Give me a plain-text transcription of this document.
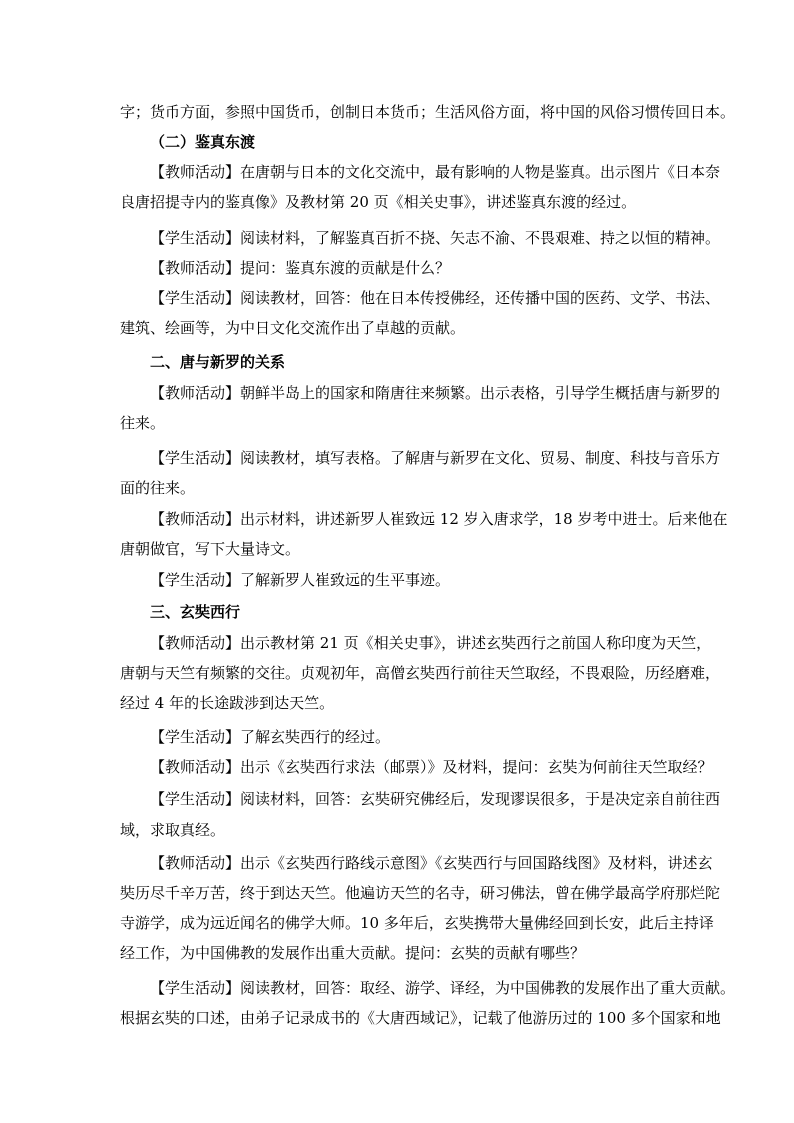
字；货币方面，参照中国货币，创制日本货币；生活风俗方面，将中国的风俗习惯传回日本。
（二）鉴真东渡
【教师活动】在唐朝与日本的文化交流中，最有影响的人物是鉴真。出示图片《日本奈
良唐招提寺内的鉴真像》及教材第 20 页《相关史事》，讲述鉴真东渡的经过。
【学生活动】阅读材料，了解鉴真百折不挠、矢志不渝、不畏艰难、持之以恒的精神。
【教师活动】提问：鉴真东渡的贡献是什么？
【学生活动】阅读教材，回答：他在日本传授佛经，还传播中国的医药、文学、书法、
建筑、绘画等，为中日文化交流作出了卓越的贡献。
二、唐与新罗的关系
【教师活动】朝鲜半岛上的国家和隋唐往来频繁。出示表格，引导学生概括唐与新罗的
往来。
【学生活动】阅读教材，填写表格。了解唐与新罗在文化、贸易、制度、科技与音乐方
面的往来。
【教师活动】出示材料，讲述新罗人崔致远 12 岁入唐求学，18 岁考中进士。后来他在
唐朝做官，写下大量诗文。
【学生活动】了解新罗人崔致远的生平事迹。
三、玄奘西行
【教师活动】出示教材第 21 页《相关史事》，讲述玄奘西行之前国人称印度为天竺，
唐朝与天竺有频繁的交往。贞观初年，高僧玄奘西行前往天竺取经，不畏艰险，历经磨难，
经过 4 年的长途跋涉到达天竺。
【学生活动】了解玄奘西行的经过。
【教师活动】出示《玄奘西行求法（邮票）》及材料，提问：玄奘为何前往天竺取经？
【学生活动】阅读材料，回答：玄奘研究佛经后，发现谬误很多，于是决定亲自前往西
域，求取真经。
【教师活动】出示《玄奘西行路线示意图》《玄奘西行与回国路线图》及材料，讲述玄
奘历尽千辛万苦，终于到达天竺。他遍访天竺的名寺，研习佛法，曾在佛学最高学府那烂陀
寺游学，成为远近闻名的佛学大师。10 多年后，玄奘携带大量佛经回到长安，此后主持译
经工作，为中国佛教的发展作出重大贡献。提问：玄奘的贡献有哪些？
【学生活动】阅读教材，回答：取经、游学、译经，为中国佛教的发展作出了重大贡献。
根据玄奘的口述，由弟子记录成书的《大唐西域记》，记载了他游历过的 100 多个国家和地
